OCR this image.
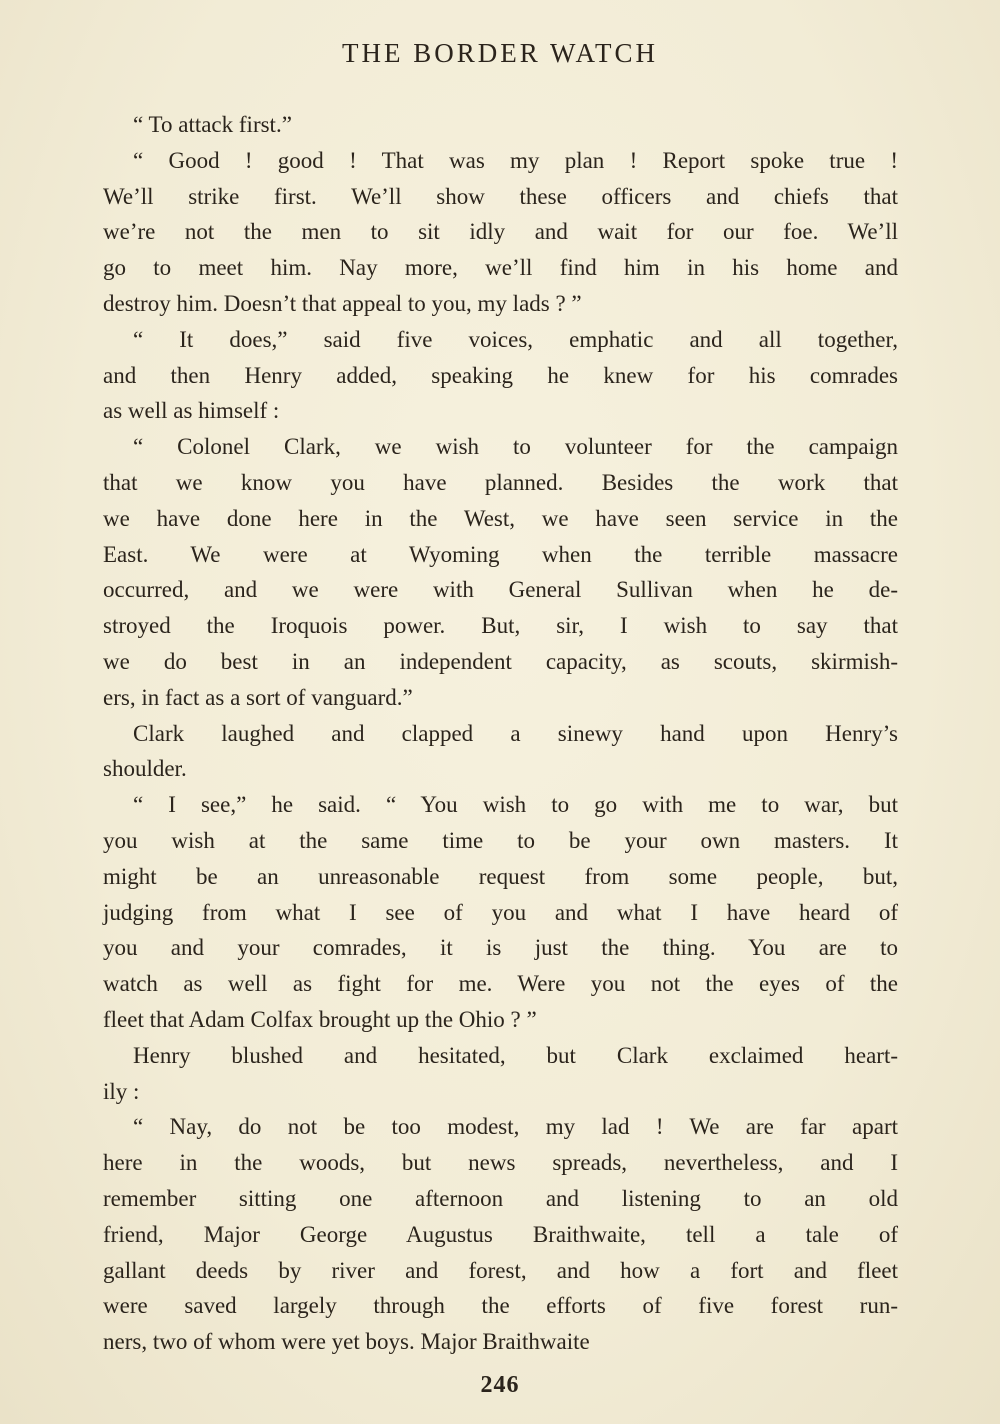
THE BORDER WATCH
“ To attack first.”
“ Good ! good ! That was my plan ! Report spoke true !
We’ll strike first. We’ll show these officers and chiefs that
we’re not the men to sit idly and wait for our foe. We’ll
go to meet him. Nay more, we’ll find him in his home and
destroy him. Doesn’t that appeal to you, my lads ? ”
“ It does,” said five voices, emphatic and all together,
and then Henry added, speaking he knew for his comrades
as well as himself :
“ Colonel Clark, we wish to volunteer for the campaign
that we know you have planned. Besides the work that
we have done here in the West, we have seen service in the
East. We were at Wyoming when the terrible massacre
occurred, and we were with General Sullivan when he de-
stroyed the Iroquois power. But, sir, I wish to say that
we do best in an independent capacity, as scouts, skirmish-
ers, in fact as a sort of vanguard.”
Clark laughed and clapped a sinewy hand upon Henry’s
shoulder.
“ I see,” he said. “ You wish to go with me to war, but
you wish at the same time to be your own masters. It
might be an unreasonable request from some people, but,
judging from what I see of you and what I have heard of
you and your comrades, it is just the thing. You are to
watch as well as fight for me. Were you not the eyes of the
fleet that Adam Colfax brought up the Ohio ? ”
Henry blushed and hesitated, but Clark exclaimed heart-
ily :
“ Nay, do not be too modest, my lad ! We are far apart
here in the woods, but news spreads, nevertheless, and I
remember sitting one afternoon and listening to an old
friend, Major George Augustus Braithwaite, tell a tale of
gallant deeds by river and forest, and how a fort and fleet
were saved largely through the efforts of five forest run-
ners, two of whom were yet boys. Major Braithwaite
246
